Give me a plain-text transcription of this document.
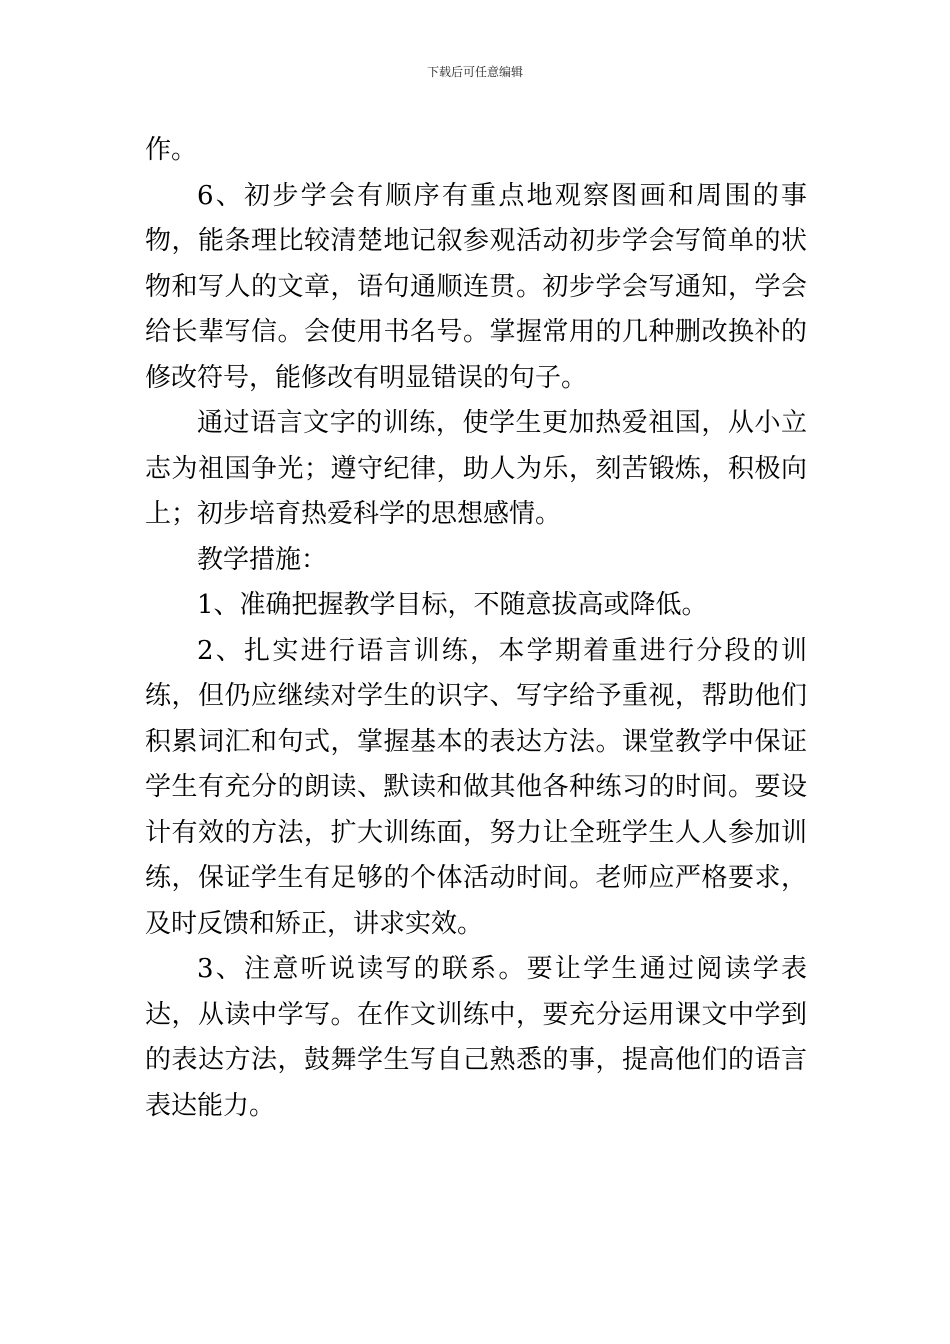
下载后可任意编辑

作。

6、初步学会有顺序有重点地观察图画和周围的事物，能条理比较清楚地记叙参观活动初步学会写简单的状物和写人的文章，语句通顺连贯。初步学会写通知，学会给长辈写信。会使用书名号。掌握常用的几种删改换补的修改符号，能修改有明显错误的句子。

通过语言文字的训练，使学生更加热爱祖国，从小立志为祖国争光；遵守纪律，助人为乐，刻苦锻炼，积极向上；初步培育热爱科学的思想感情。

教学措施：

1、准确把握教学目标，不随意拔高或降低。

2、扎实进行语言训练，本学期着重进行分段的训练，但仍应继续对学生的识字、写字给予重视，帮助他们积累词汇和句式，掌握基本的表达方法。课堂教学中保证学生有充分的朗读、默读和做其他各种练习的时间。要设计有效的方法，扩大训练面，努力让全班学生人人参加训练，保证学生有足够的个体活动时间。老师应严格要求，及时反馈和矫正，讲求实效。

3、注意听说读写的联系。要让学生通过阅读学表达，从读中学写。在作文训练中，要充分运用课文中学到的表达方法，鼓舞学生写自己熟悉的事，提高他们的语言表达能力。
